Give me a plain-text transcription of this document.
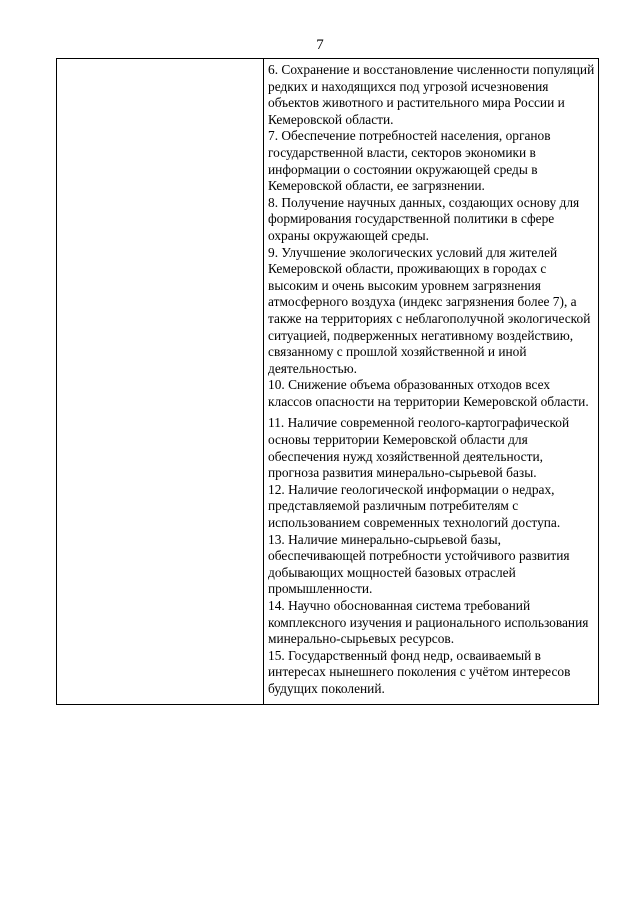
7

6. Сохранение и восстановление численности популяций редких и находящихся под угрозой исчезновения объектов животного и растительного мира России и Кемеровской области.

7. Обеспечение потребностей населения, органов государственной власти, секторов экономики в информации о состоянии окружающей среды в Кемеровской области, ее загрязнении.

8. Получение научных данных, создающих основу для формирования государственной политики в сфере охраны окружающей среды.

9. Улучшение экологических условий для жителей Кемеровской области, проживающих в городах с высоким и очень высоким уровнем загрязнения атмосферного воздуха (индекс загрязнения более 7), а также на территориях с неблагополучной экологической ситуацией, подверженных негативному воздействию, связанному с прошлой хозяйственной и иной деятельностью.

10. Снижение объема образованных отходов всех классов опасности на территории Кемеровской области.

11. Наличие современной геолого-картографической основы территории Кемеровской области для обеспечения нужд хозяйственной деятельности, прогноза развития минерально-сырьевой базы.

12. Наличие геологической информации о недрах, представляемой различным потребителям с использованием современных технологий доступа.

13. Наличие минерально-сырьевой базы, обеспечивающей потребности устойчивого развития добывающих мощностей базовых отраслей промышленности.

14. Научно обоснованная система требований комплексного изучения и рационального использования минерально-сырьевых ресурсов.

15. Государственный фонд недр, осваиваемый в интересах нынешнего поколения с учётом интересов будущих поколений.
